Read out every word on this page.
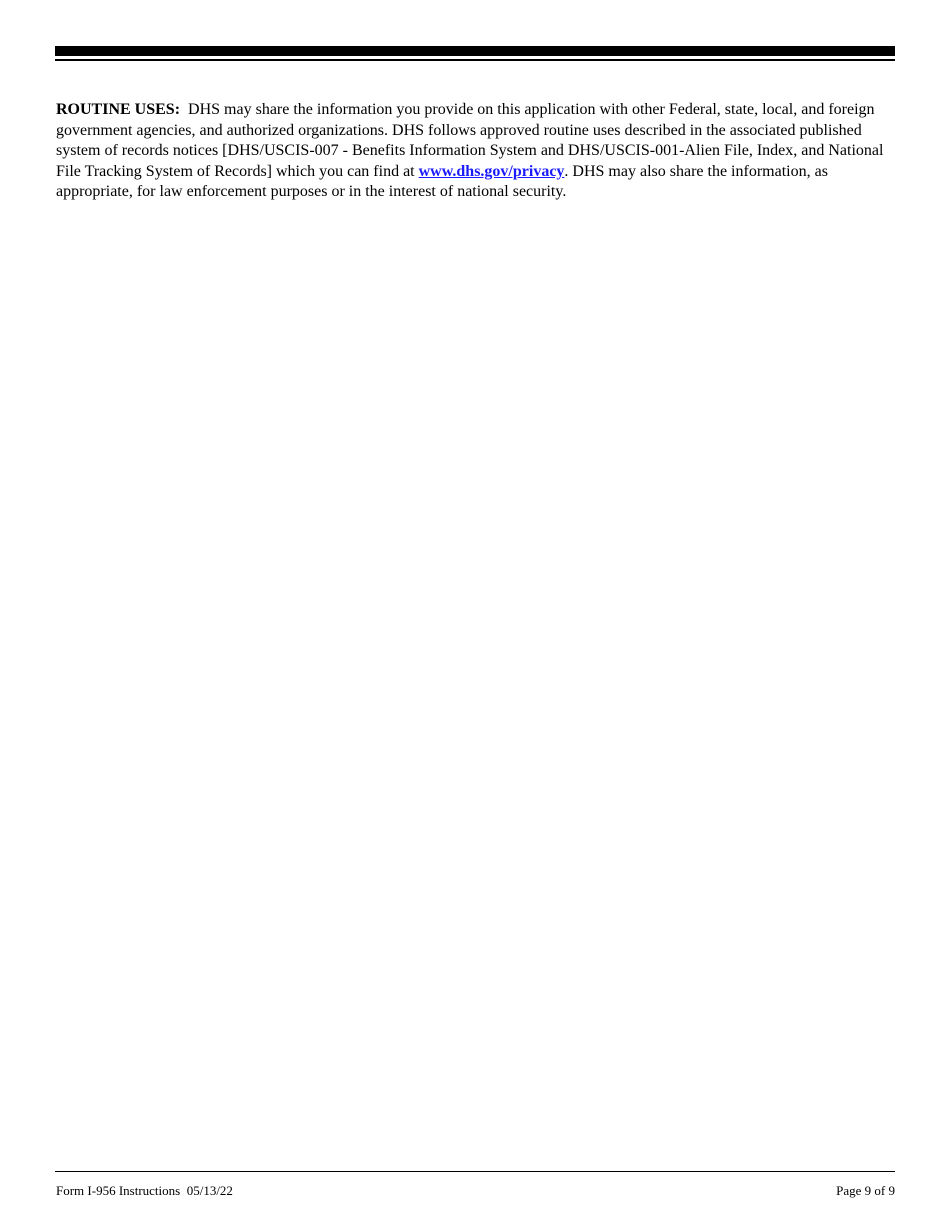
ROUTINE USES: DHS may share the information you provide on this application with other Federal, state, local, and foreign government agencies, and authorized organizations. DHS follows approved routine uses described in the associated published system of records notices [DHS/USCIS-007 - Benefits Information System and DHS/USCIS-001-Alien File, Index, and National File Tracking System of Records] which you can find at www.dhs.gov/privacy. DHS may also share the information, as appropriate, for law enforcement purposes or in the interest of national security.

Form I-956 Instructions  05/13/22	Page 9 of 9
